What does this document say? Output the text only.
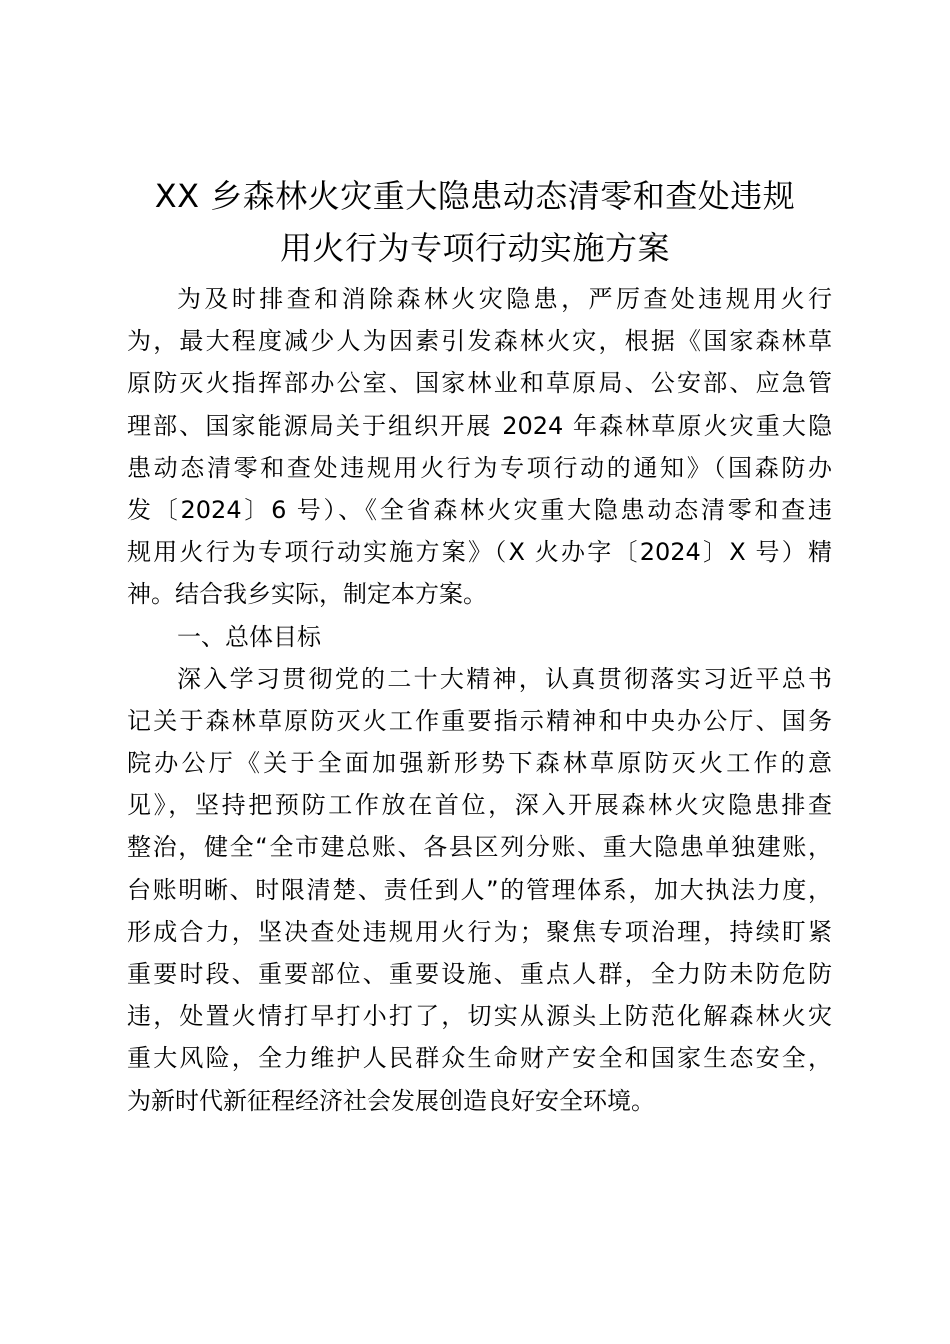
XX 乡森林火灾重大隐患动态清零和查处违规
用火行为专项行动实施方案
为及时排查和消除森林火灾隐患，严厉查处违规用火行
为，最大程度减少人为因素引发森林火灾，根据《国家森林草
原防灭火指挥部办公室、国家林业和草原局、公安部、应急管
理部、国家能源局关于组织开展 2024 年森林草原火灾重大隐
患动态清零和查处违规用火行为专项行动的通知》（国森防办
发〔2024〕6 号）、《全省森林火灾重大隐患动态清零和查违
规用火行为专项行动实施方案》（X 火办字〔2024〕X 号）精
神。结合我乡实际，制定本方案。
一、总体目标
深入学习贯彻党的二十大精神，认真贯彻落实习近平总书
记关于森林草原防灭火工作重要指示精神和中央办公厅、国务
院办公厅《关于全面加强新形势下森林草原防灭火工作的意
见》，坚持把预防工作放在首位，深入开展森林火灾隐患排查
整治，健全“全市建总账、各县区列分账、重大隐患单独建账，
台账明晰、时限清楚、责任到人”的管理体系，加大执法力度，
形成合力，坚决查处违规用火行为；聚焦专项治理，持续盯紧
重要时段、重要部位、重要设施、重点人群，全力防未防危防
违，处置火情打早打小打了，切实从源头上防范化解森林火灾
重大风险，全力维护人民群众生命财产安全和国家生态安全，
为新时代新征程经济社会发展创造良好安全环境。
